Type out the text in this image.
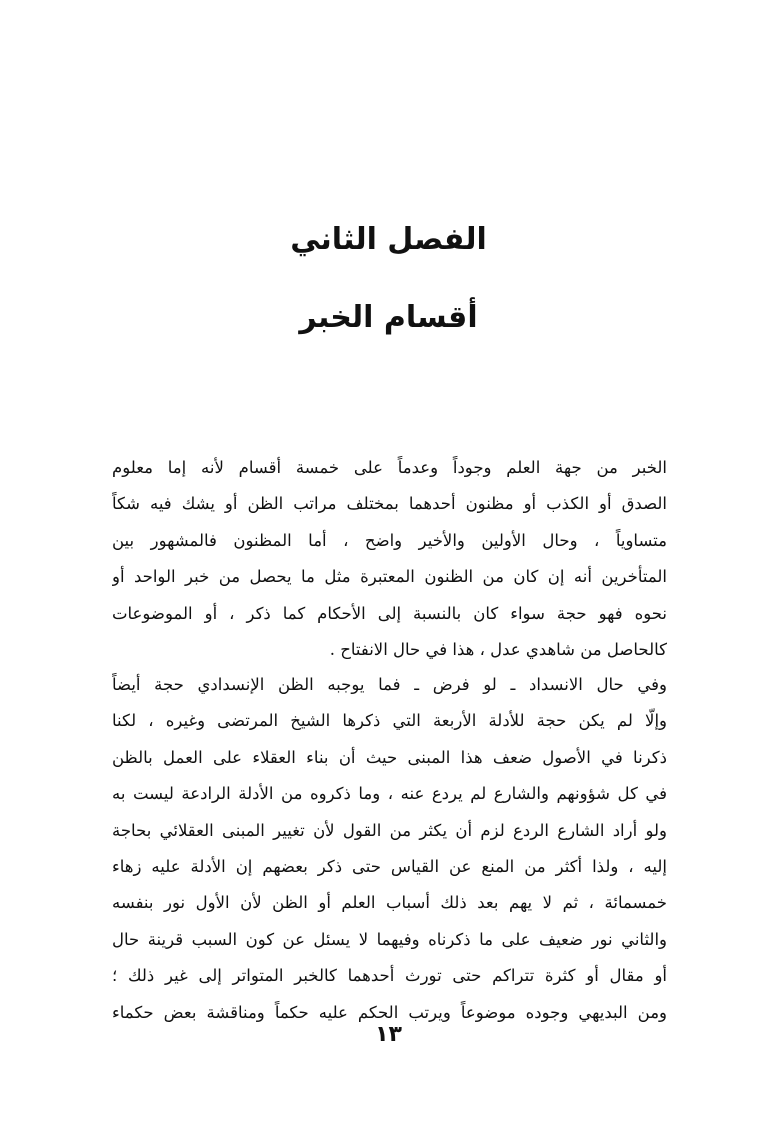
الفصل الثاني
أقسام الخبر
الخبر من جهة العلم وجوداً وعدماً على خمسة أقسام لأنه إما معلوم
الصدق أو الكذب أو مظنون أحدهما بمختلف مراتب الظن أو يشك فيه شكاً
متساوياً ، وحال الأولين والأخير واضح ، أما المظنون فالمشهور بين
المتأخرين أنه إن كان من الظنون المعتبرة مثل ما يحصل من خبر الواحد أو
نحوه فهو حجة سواء كان بالنسبة إلى الأحكام كما ذكر ، أو الموضوعات
كالحاصل من شاهدي عدل ، هذا في حال الانفتاح .
وفي حال الانسداد ـ لو فرض ـ فما يوجبه الظن الإنسدادي حجة أيضاً
وإلّا لم يكن حجة للأدلة الأربعة التي ذكرها الشيخ المرتضى وغيره ، لكنا
ذكرنا في الأصول ضعف هذا المبنى حيث أن بناء العقلاء على العمل بالظن
في كل شؤونهم والشارع لم يردع عنه ، وما ذكروه من الأدلة الرادعة ليست به
ولو أراد الشارع الردع لزم أن يكثر من القول لأن تغيير المبنى العقلائي بحاجة
إليه ، ولذا أكثر من المنع عن القياس حتى ذكر بعضهم إن الأدلة عليه زهاء
خمسمائة ، ثم لا يهم بعد ذلك أسباب العلم أو الظن لأن الأول نور بنفسه
والثاني نور ضعيف على ما ذكرناه وفيهما لا يسئل عن كون السبب قرينة حال
أو مقال أو كثرة تتراكم حتى تورث أحدهما كالخبر المتواتر إلى غير ذلك ؛
ومن البديهي وجوده موضوعاً ويرتب الحكم عليه حكماً ومناقشة بعض حكماء
١٣
